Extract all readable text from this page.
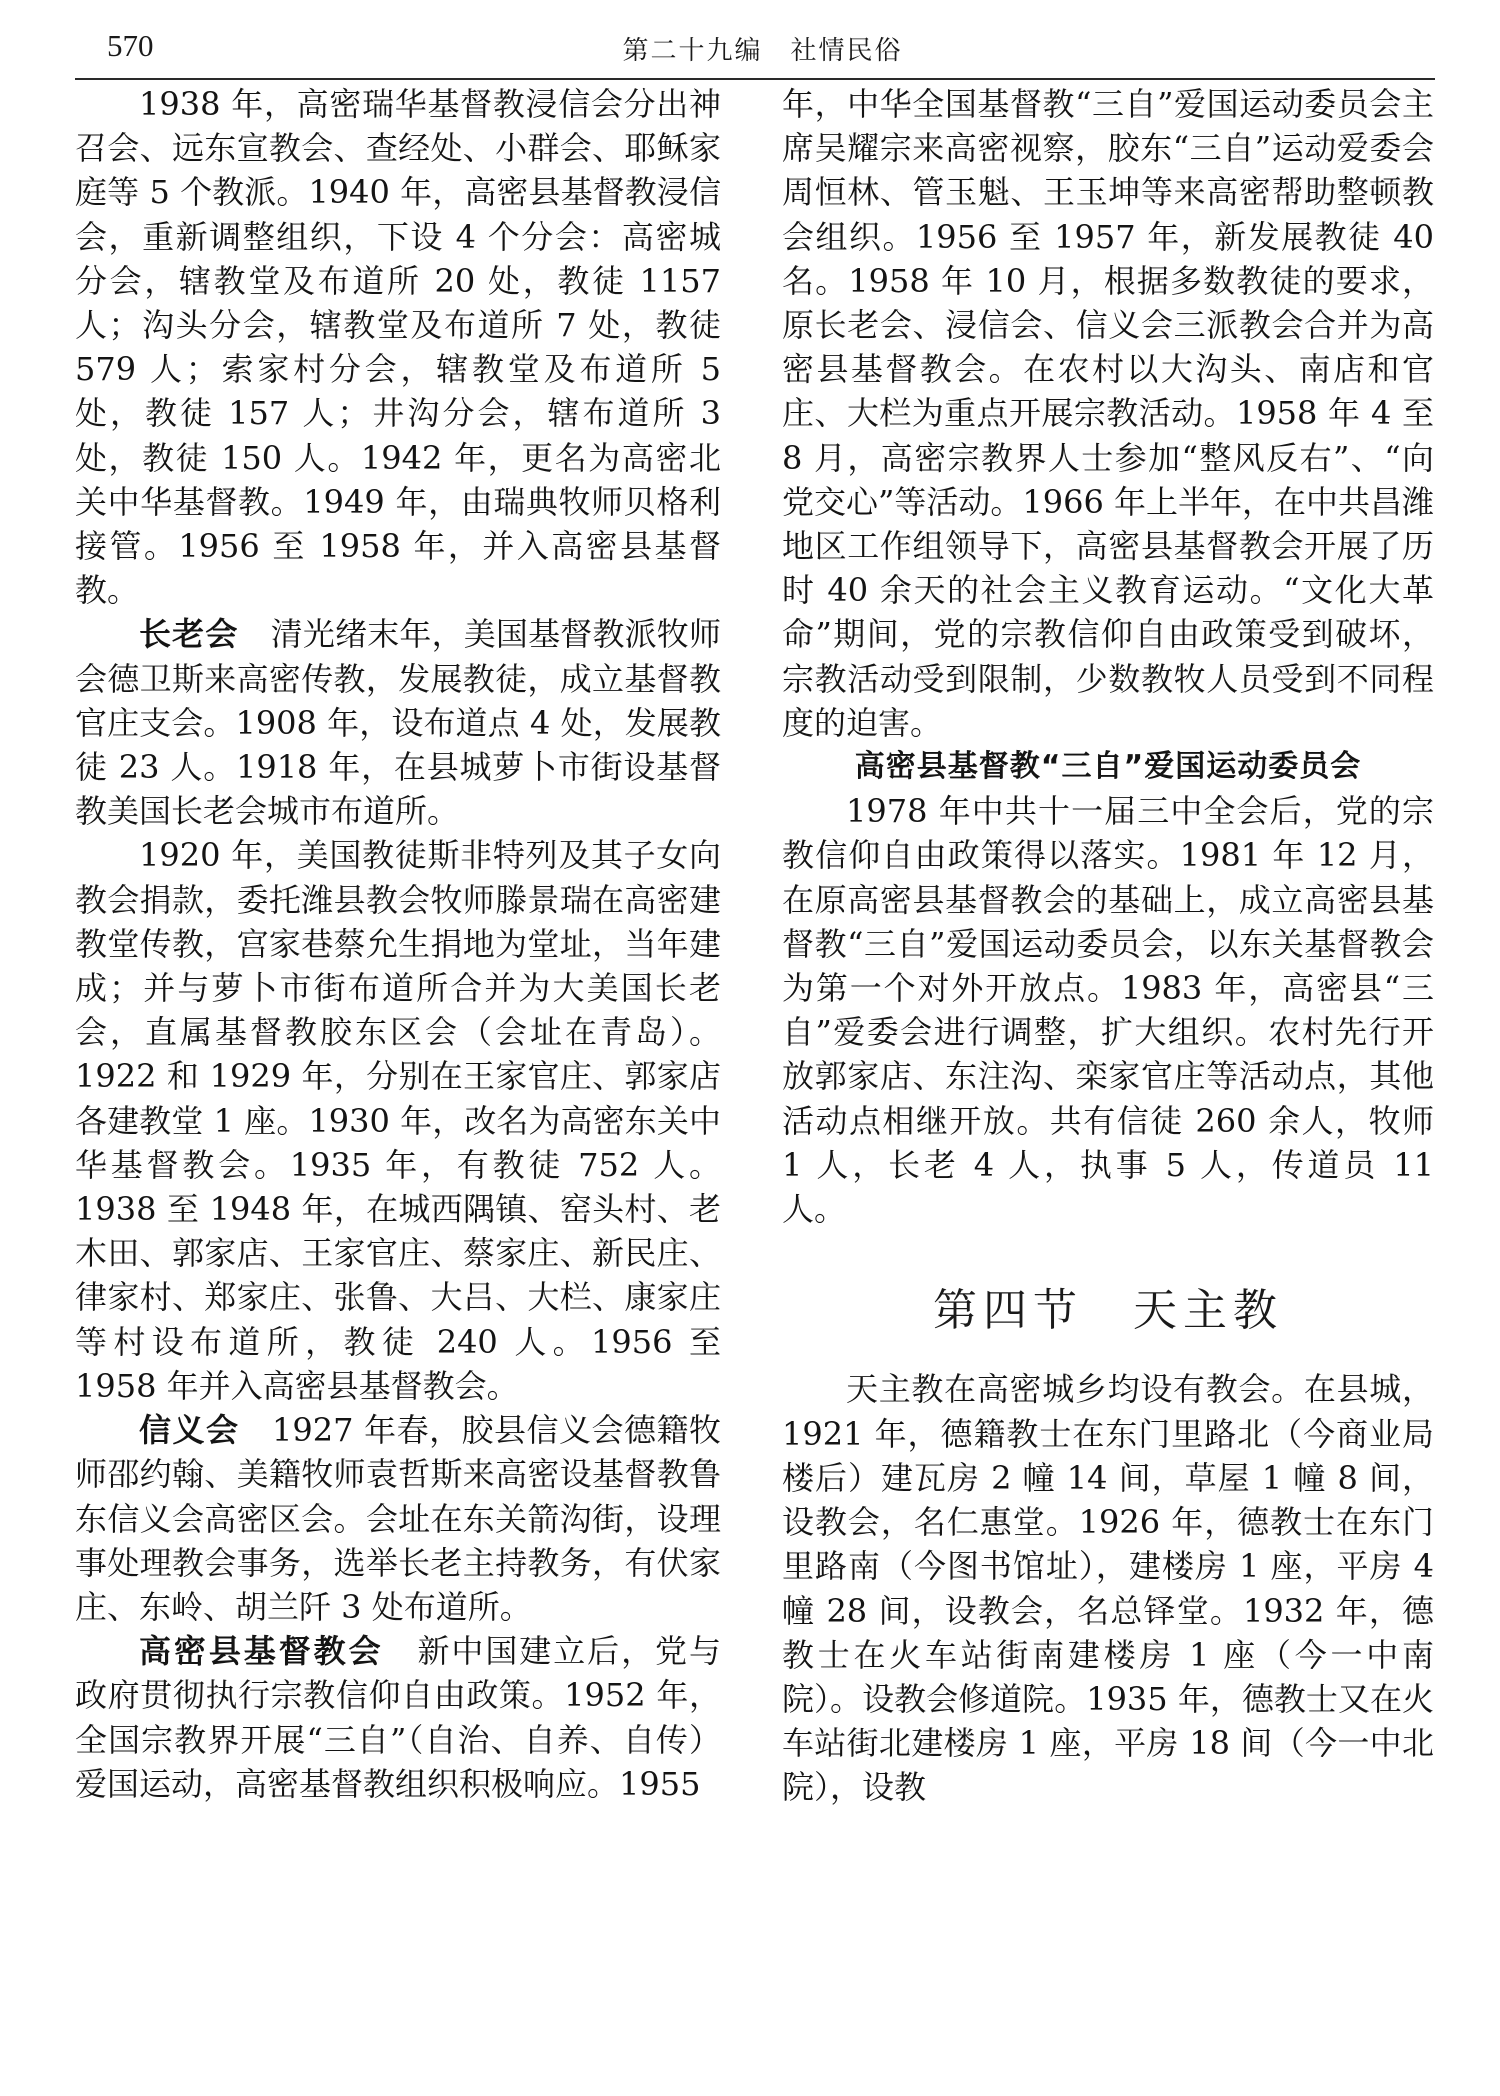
570	第二十九编　社情民俗

1938 年，高密瑞华基督教浸信会分出神召会、远东宣教会、查经处、小群会、耶稣家庭等 5 个教派。1940 年，高密县基督教浸信会，重新调整组织，下设 4 个分会：高密城分会，辖教堂及布道所 20 处，教徒 1157 人；沟头分会，辖教堂及布道所 7 处，教徒 579 人；索家村分会，辖教堂及布道所 5 处，教徒 157 人；井沟分会，辖布道所 3 处，教徒 150 人。1942 年，更名为高密北关中华基督教。1949 年，由瑞典牧师贝格利接管。1956 至 1958 年，并入高密县基督教。

长老会　 清光绪末年，美国基督教派牧师会德卫斯来高密传教，发展教徒，成立基督教官庄支会。1908 年，设布道点 4 处，发展教徒 23 人。1918 年，在县城萝卜市街设基督教美国长老会城市布道所。

1920 年，美国教徒斯非特列及其子女向教会捐款，委托潍县教会牧师滕景瑞在高密建教堂传教，宫家巷蔡允生捐地为堂址，当年建成；并与萝卜市街布道所合并为大美国长老会，直属基督教胶东区会（会址在青岛）。1922 和 1929 年，分别在王家官庄、郭家店各建教堂 1 座。1930 年，改名为高密东关中华基督教会。1935 年，有教徒 752 人。1938 至 1948 年，在城西隅镇、窑头村、老木田、郭家店、王家官庄、蔡家庄、新民庄、律家村、郑家庄、张鲁、大吕、大栏、康家庄等村设布道所，教徒 240 人。1956 至 1958 年并入高密县基督教会。

信义会　 1927 年春，胶县信义会德籍牧师邵约翰、美籍牧师袁哲斯来高密设基督教鲁东信义会高密区会。会址在东关箭沟街，设理事处理教会事务，选举长老主持教务，有伏家庄、东岭、胡兰阡 3 处布道所。

高密县基督教会　 新中国建立后，党与政府贯彻执行宗教信仰自由政策。1952 年，全国宗教界开展“三自”（自治、自养、自传）爱国运动，高密基督教组织积极响应。1955

年，中华全国基督教“三自”爱国运动委员会主席吴耀宗来高密视察，胶东“三自”运动爱委会周恒林、管玉魁、王玉坤等来高密帮助整顿教会组织。1956 至 1957 年，新发展教徒 40 名。1958 年 10 月，根据多数教徒的要求，原长老会、浸信会、信义会三派教会合并为高密县基督教会。在农村以大沟头、南店和官庄、大栏为重点开展宗教活动。1958 年 4 至 8 月，高密宗教界人士参加“整风反右”、“向党交心”等活动。1966 年上半年，在中共昌潍地区工作组领导下，高密县基督教会开展了历时 40 余天的社会主义教育运动。“文化大革命”期间，党的宗教信仰自由政策受到破坏，宗教活动受到限制，少数教牧人员受到不同程度的迫害。

高密县基督教“三自”爱国运动委员会

1978 年中共十一届三中全会后，党的宗教信仰自由政策得以落实。1981 年 12 月，在原高密县基督教会的基础上，成立高密县基督教“三自”爱国运动委员会，以东关基督教会为第一个对外开放点。1983 年，高密县“三自”爱委会进行调整，扩大组织。农村先行开放郭家店、东注沟、栾家官庄等活动点，其他活动点相继开放。共有信徒 260 余人，牧师 1 人，长老 4 人，执事 5 人，传道员 11 人。

第四节　天主教

天主教在高密城乡均设有教会。在县城，1921 年，德籍教士在东门里路北（今商业局楼后）建瓦房 2 幢 14 间，草屋 1 幢 8 间，设教会，名仁惠堂。1926 年，德教士在东门里路南（今图书馆址），建楼房 1 座，平房 4 幢 28 间，设教会，名总铎堂。1932 年，德教士在火车站街南建楼房 1 座（今一中南院）。设教会修道院。1935 年，德教士又在火车站街北建楼房 1 座，平房 18 间（今一中北院），设教
